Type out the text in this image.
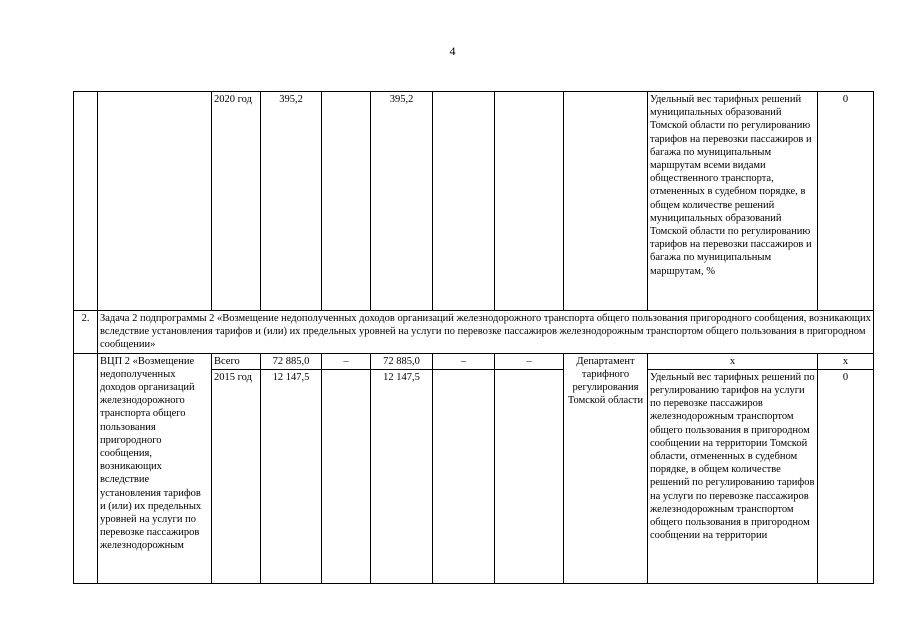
4
		2020 год	395,2		395,2				Удельный вес тарифных решений муниципальных образований Томской области по регулированию тарифов на перевозки пассажиров и багажа по муниципальным маршрутам всеми видами общественного транспорта, отмененных в судебном порядке, в общем количестве решений муниципальных образований Томской области по регулированию тарифов на перевозки пассажиров и багажа по муниципальным маршрутам, %	0
2.	Задача 2 подпрограммы 2 «Возмещение недополученных доходов организаций железнодорожного транспорта общего пользования пригородного сообщения, возникающих вследствие установления тарифов и (или) их предельных уровней на услуги по перевозке пассажиров железнодорожным транспортом общего пользования в пригородном сообщении»									
	ВЦП 2 «Возмещение недополученных доходов организаций железнодорожного транспорта общего пользования пригородного сообщения, возникающих вследствие установления тарифов и (или) их предельных уровней на услуги по перевозке пассажиров железнодорожным	Всего	72 885,0	–	72 885,0	–	–	Департамент тарифного регулирования Томской области	x	x
		2015 год	12 147,5		12 147,5				Удельный вес тарифных решений по регулированию тарифов на услуги по перевозке пассажиров железнодорожным транспортом общего пользования в пригородном сообщении на территории Томской области, отмененных в судебном порядке, в общем количестве решений по регулированию тарифов на услуги по перевозке пассажиров железнодорожным транспортом общего пользования в пригородном сообщении на территории	0
